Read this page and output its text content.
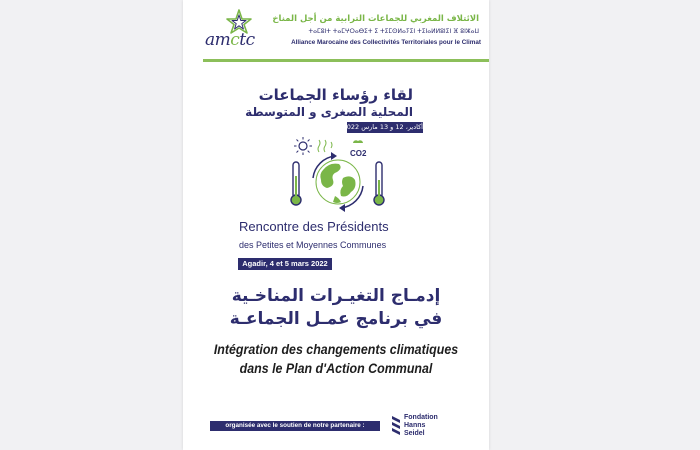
amctc
الائتلاف المغربي للجماعات الترابية من أجل المناخ
ⵜⴰⵎⵓⵏⵜ ⵜⴰⵎⵖⵔⴰⴱⵉⵜ ⵉ ⵜⵉⵎⵙⵍⴰⵢⵉⵏ ⵜⵉⵏⴰⵍⵍⵓⵏⵉⵏ ⴼ ⵓⵏⵣⴰⵡ
Alliance Marocaine des Collectivités Territoriales pour le Climat
لقاء رؤساء الجماعات
المحلية الصغرى و المتوسطة
أكادير، 12 و 13 مارس 2022
CO2
Rencontre des Présidents
des Petites et Moyennes Communes
Agadir, 4 et 5 mars 2022
إدمـاج التغيـرات المناخـية
في برنامج عمـل الجماعـة
Intégration des changements climatiques
dans le Plan d'Action Communal
organisée avec le soutien de notre partenaire :
Fondation
Hanns
Seidel
